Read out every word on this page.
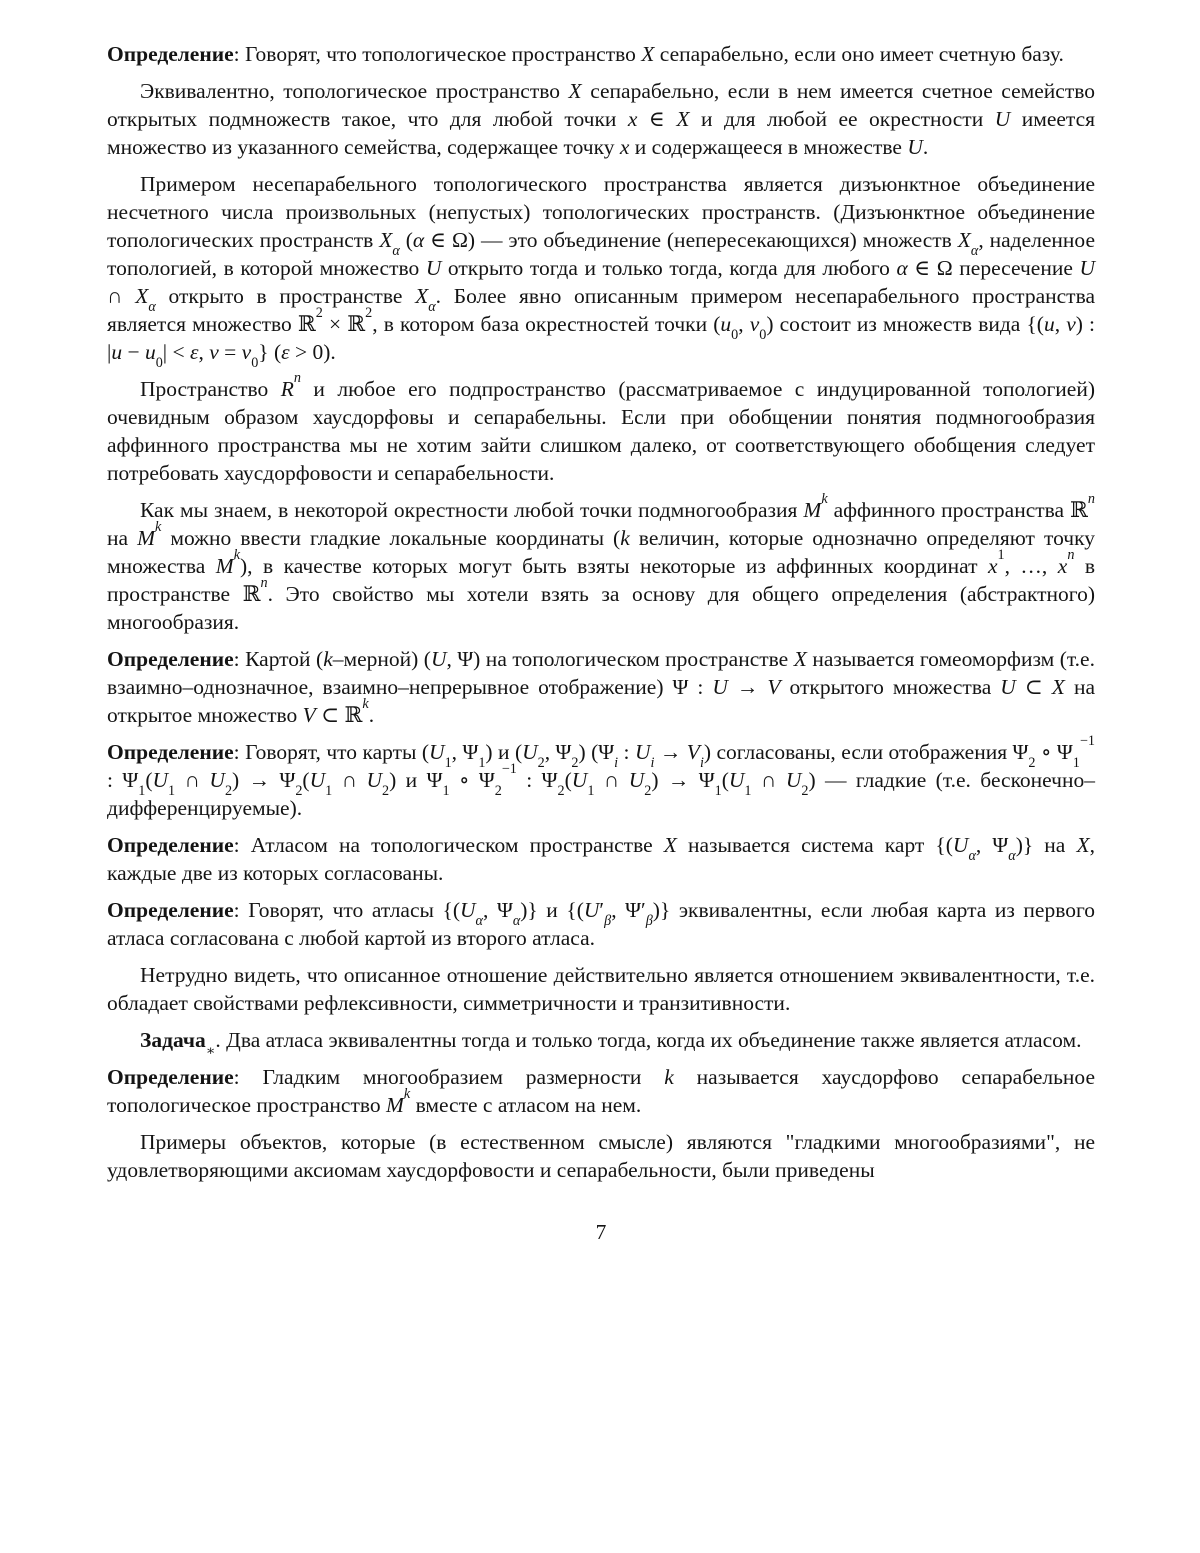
Определение: Говорят, что топологическое пространство X сепарабельно, если оно имеет счетную базу.

Эквивалентно, топологическое пространство X сепарабельно, если в нем имеется счетное семейство открытых подмножеств такое, что для любой точки x ∈ X и для любой ее окрестности U имеется множество из указанного семейства, содержащее точку x и содержащееся в множестве U.

Примером несепарабельного топологического пространства является дизъюнктное объединение несчетного числа произвольных (непустых) топологических пространств. (Дизъюнктное объединение топологических пространств $X_\alpha$ (α ∈ Ω) — это объединение (непересекающихся) множеств $X_\alpha$, наделенное топологией, в которой множество U открыто тогда и только тогда, когда для любого α ∈ Ω пересечение U ∩ $X_\alpha$ открыто в пространстве $X_\alpha$. Более явно описанным примером несепарабельного пространства является множество ℝ$^2$ × ℝ$^2$, в котором база окрестностей точки ($u_0$, $v_0$) состоит из множеств вида {(u, v) : $|u - u_0| < \varepsilon$, $v = v_0$} (ε > 0).

Пространство $R^n$ и любое его подпространство (рассматриваемое с индуцированной топологией) очевидным образом хаусдорфовы и сепарабельны. Если при обобщении понятия подмногообразия аффинного пространства мы не хотим зайти слишком далеко, от соответствующего обобщения следует потребовать хаусдорфовости и сепарабельности.

Как мы знаем, в некоторой окрестности любой точки подмногообразия $M^k$ аффинного пространства ℝ$^n$ на $M^k$ можно ввести гладкие локальные координаты (k величин, которые однозначно определяют точку множества $M^k$), в качестве которых могут быть взяты некоторые из аффинных координат $x^1$, …, $x^n$ в пространстве ℝ$^n$. Это свойство мы хотели взять за основу для общего определения (абстрактного) многообразия.

Определение: Картой (k–мерной) (U, Ψ) на топологическом пространстве X называется гомеоморфизм (т.е. взаимно–однозначное, взаимно–непрерывное отображение) Ψ : U → V открытого множества U ⊂ X на открытое множество V ⊂ ℝ$^k$.

Определение: Говорят, что карты ($U_1$, $\Psi_1$) и ($U_2$, $\Psi_2$) ($\Psi_i$ : $U_i \to V_i$) согласованы, если отображения $\Psi_2$ ∘ $\Psi_1^{-1}$ : $\Psi_1(U_1$ ∩ $U_2) \to \Psi_2(U_1$ ∩ $U_2$) и $\Psi_1$ ∘ $\Psi_2^{-1}$ : $\Psi_2(U_1$ ∩ $U_2) \to \Psi_1(U_1$ ∩ $U_2$) — гладкие (т.е. бесконечно–дифференцируемые).

Определение: Атласом на топологическом пространстве X называется система карт {($U_\alpha$, $\Psi_\alpha$)} на X, каждые две из которых согласованы.

Определение: Говорят, что атласы {($U_\alpha$, $\Psi_\alpha$)} и {($U'_\beta$, $\Psi'_\beta$)} эквивалентны, если любая карта из первого атласа согласована с любой картой из второго атласа.

Нетрудно видеть, что описанное отношение действительно является отношением эквивалентности, т.е. обладает свойствами рефлексивности, симметричности и транзитивности.

Задача$_∗$. Два атласа эквивалентны тогда и только тогда, когда их объединение также является атласом.

Определение: Гладким многообразием размерности k называется хаусдорфово сепарабельное топологическое пространство $M^k$ вместе с атласом на нем.

Примеры объектов, которые (в естественном смысле) являются "гладкими многообразиями", не удовлетворяющими аксиомам хаусдорфовости и сепарабельности, были приведены

7
